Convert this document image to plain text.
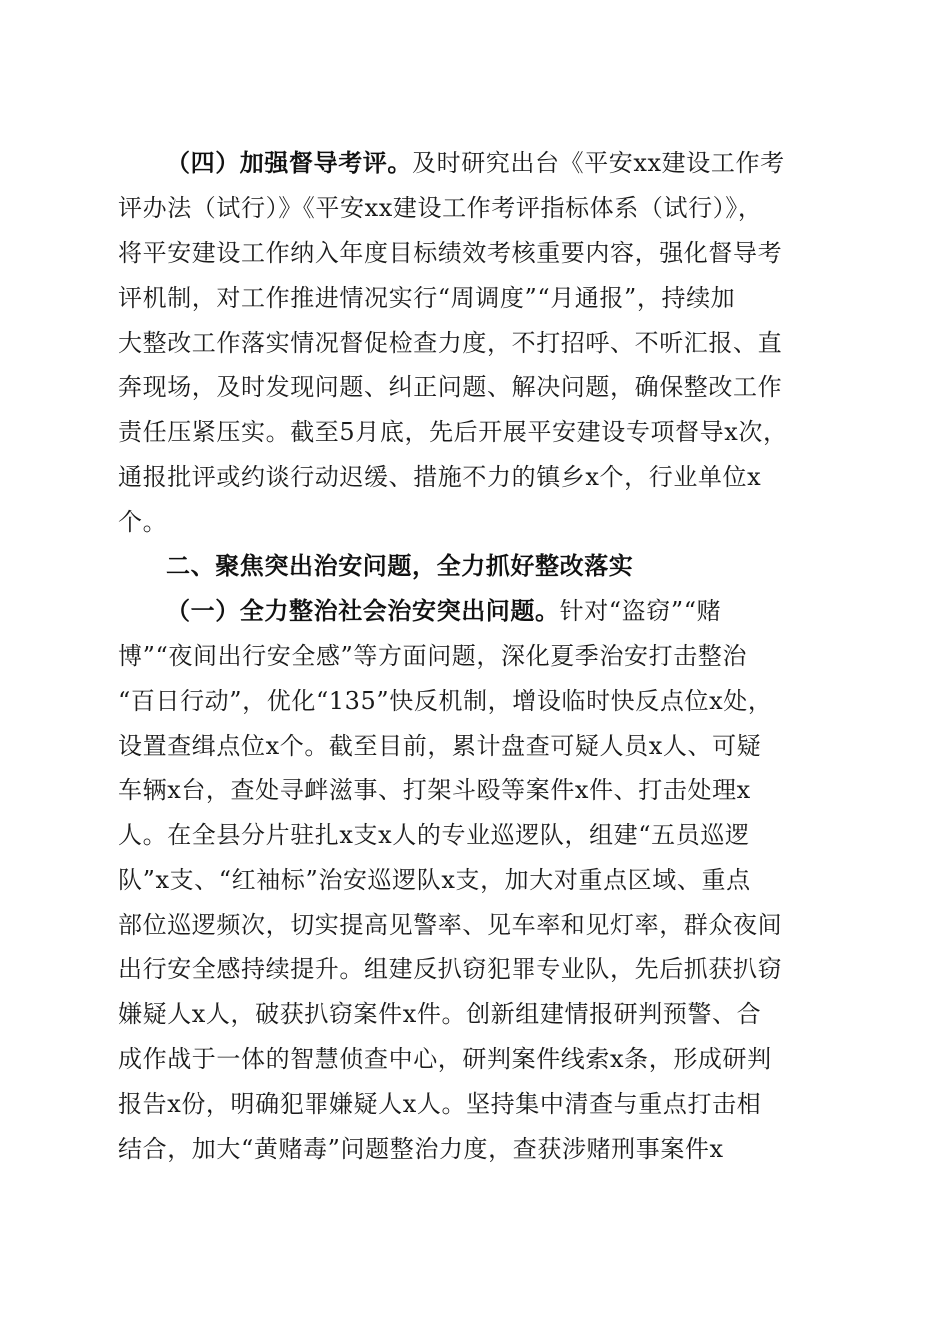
（四）加强督导考评。及时研究出台《平安xx建设工作考
评办法（试行）》《平安xx建设工作考评指标体系（试行）》，
将平安建设工作纳入年度目标绩效考核重要内容，强化督导考
评机制，对工作推进情况实行“周调度”“月通报”，持续加
大整改工作落实情况督促检查力度，不打招呼、不听汇报、直
奔现场，及时发现问题、纠正问题、解决问题，确保整改工作
责任压紧压实。截至5月底，先后开展平安建设专项督导x次，
通报批评或约谈行动迟缓、措施不力的镇乡x个，行业单位x
个。
二、聚焦突出治安问题，全力抓好整改落实
（一）全力整治社会治安突出问题。针对“盗窃”“赌
博”“夜间出行安全感”等方面问题，深化夏季治安打击整治
“百日行动”，优化“135”快反机制，增设临时快反点位x处，
设置查缉点位x个。截至目前，累计盘查可疑人员x人、可疑
车辆x台，查处寻衅滋事、打架斗殴等案件x件、打击处理x
人。在全县分片驻扎x支x人的专业巡逻队，组建“五员巡逻
队”x支、“红袖标”治安巡逻队x支，加大对重点区域、重点
部位巡逻频次，切实提高见警率、见车率和见灯率，群众夜间
出行安全感持续提升。组建反扒窃犯罪专业队，先后抓获扒窃
嫌疑人x人，破获扒窃案件x件。创新组建情报研判预警、合
成作战于一体的智慧侦查中心，研判案件线索x条，形成研判
报告x份，明确犯罪嫌疑人x人。坚持集中清查与重点打击相
结合，加大“黄赌毒”问题整治力度，查获涉赌刑事案件x
